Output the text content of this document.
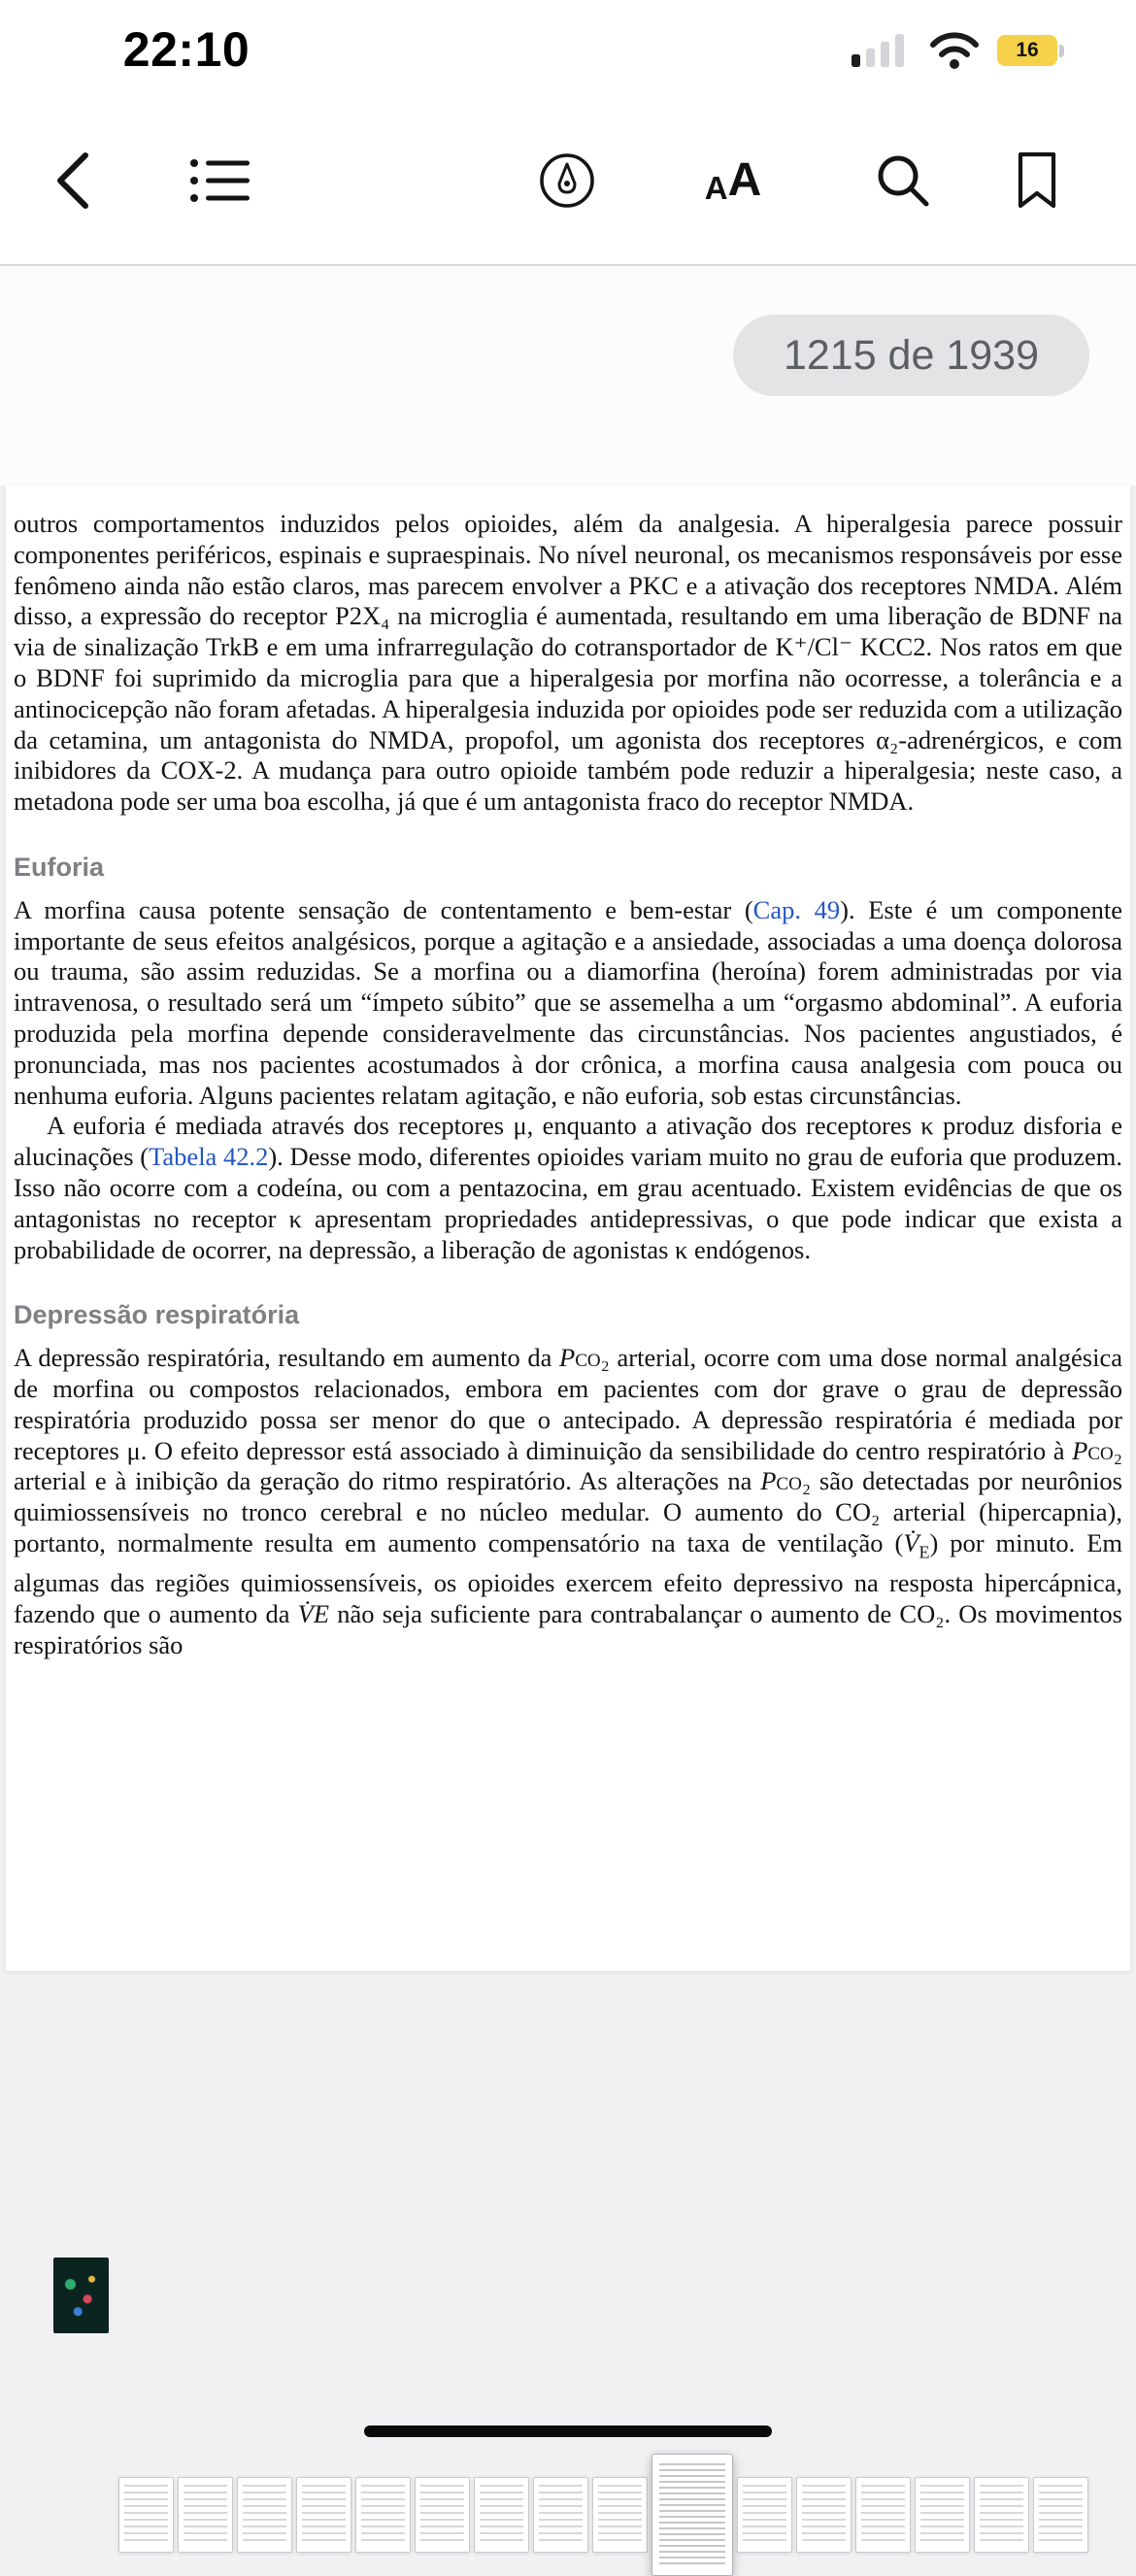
22:10	16
A A
1215 de 1939

outros comportamentos induzidos pelos opioides, além da analgesia. A hiperalgesia parece possuir componentes periféricos, espinais e supraespinais. No nível neuronal, os mecanismos responsáveis por esse fenômeno ainda não estão claros, mas parecem envolver a PKC e a ativação dos receptores NMDA. Além disso, a expressão do receptor P2X₄ na microglia é aumentada, resultando em uma liberação de BDNF na via de sinalização TrkB e em uma infrarregulação do cotransportador de K⁺/Cl⁻ KCC2. Nos ratos em que o BDNF foi suprimido da microglia para que a hiperalgesia por morfina não ocorresse, a tolerância e a antinocicepção não foram afetadas. A hiperalgesia induzida por opioides pode ser reduzida com a utilização da cetamina, um antagonista do NMDA, propofol, um agonista dos receptores α₂-adrenérgicos, e com inibidores da COX-2. A mudança para outro opioide também pode reduzir a hiperalgesia; neste caso, a metadona pode ser uma boa escolha, já que é um antagonista fraco do receptor NMDA.

Euforia

A morfina causa potente sensação de contentamento e bem-estar (Cap. 49). Este é um componente importante de seus efeitos analgésicos, porque a agitação e a ansiedade, associadas a uma doença dolorosa ou trauma, são assim reduzidas. Se a morfina ou a diamorfina (heroína) forem administradas por via intravenosa, o resultado será um “ímpeto súbito” que se assemelha a um “orgasmo abdominal”. A euforia produzida pela morfina depende consideravelmente das circunstâncias. Nos pacientes angustiados, é pronunciada, mas nos pacientes acostumados à dor crônica, a morfina causa analgesia com pouca ou nenhuma euforia. Alguns pacientes relatam agitação, e não euforia, sob estas circunstâncias.

A euforia é mediada através dos receptores μ, enquanto a ativação dos receptores κ produz disforia e alucinações (Tabela 42.2). Desse modo, diferentes opioides variam muito no grau de euforia que produzem. Isso não ocorre com a codeína, ou com a pentazocina, em grau acentuado. Existem evidências de que os antagonistas no receptor κ apresentam propriedades antidepressivas, o que pode indicar que exista a probabilidade de ocorrer, na depressão, a liberação de agonistas κ endógenos.

Depressão respiratória

A depressão respiratória, resultando em aumento da Pco₂ arterial, ocorre com uma dose normal analgésica de morfina ou compostos relacionados, embora em pacientes com dor grave o grau de depressão respiratória produzido possa ser menor do que o antecipado. A depressão respiratória é mediada por receptores μ. O efeito depressor está associado à diminuição da sensibilidade do centro respiratório à Pco₂ arterial e à inibição da geração do ritmo respiratório. As alterações na Pco₂ são detectadas por neurônios quimiossensíveis no tronco cerebral e no núcleo medular. O aumento do CO₂ arterial (hipercapnia), portanto, normalmente resulta em aumento compensatório na taxa de ventilação $(V̇_E)$ por minuto. Em algumas das regiões quimiossensíveis, os opioides exercem efeito depressivo na resposta hipercápnica, fazendo que o aumento da V̇E não seja suficiente para contrabalançar o aumento de CO₂. Os movimentos respiratórios são
